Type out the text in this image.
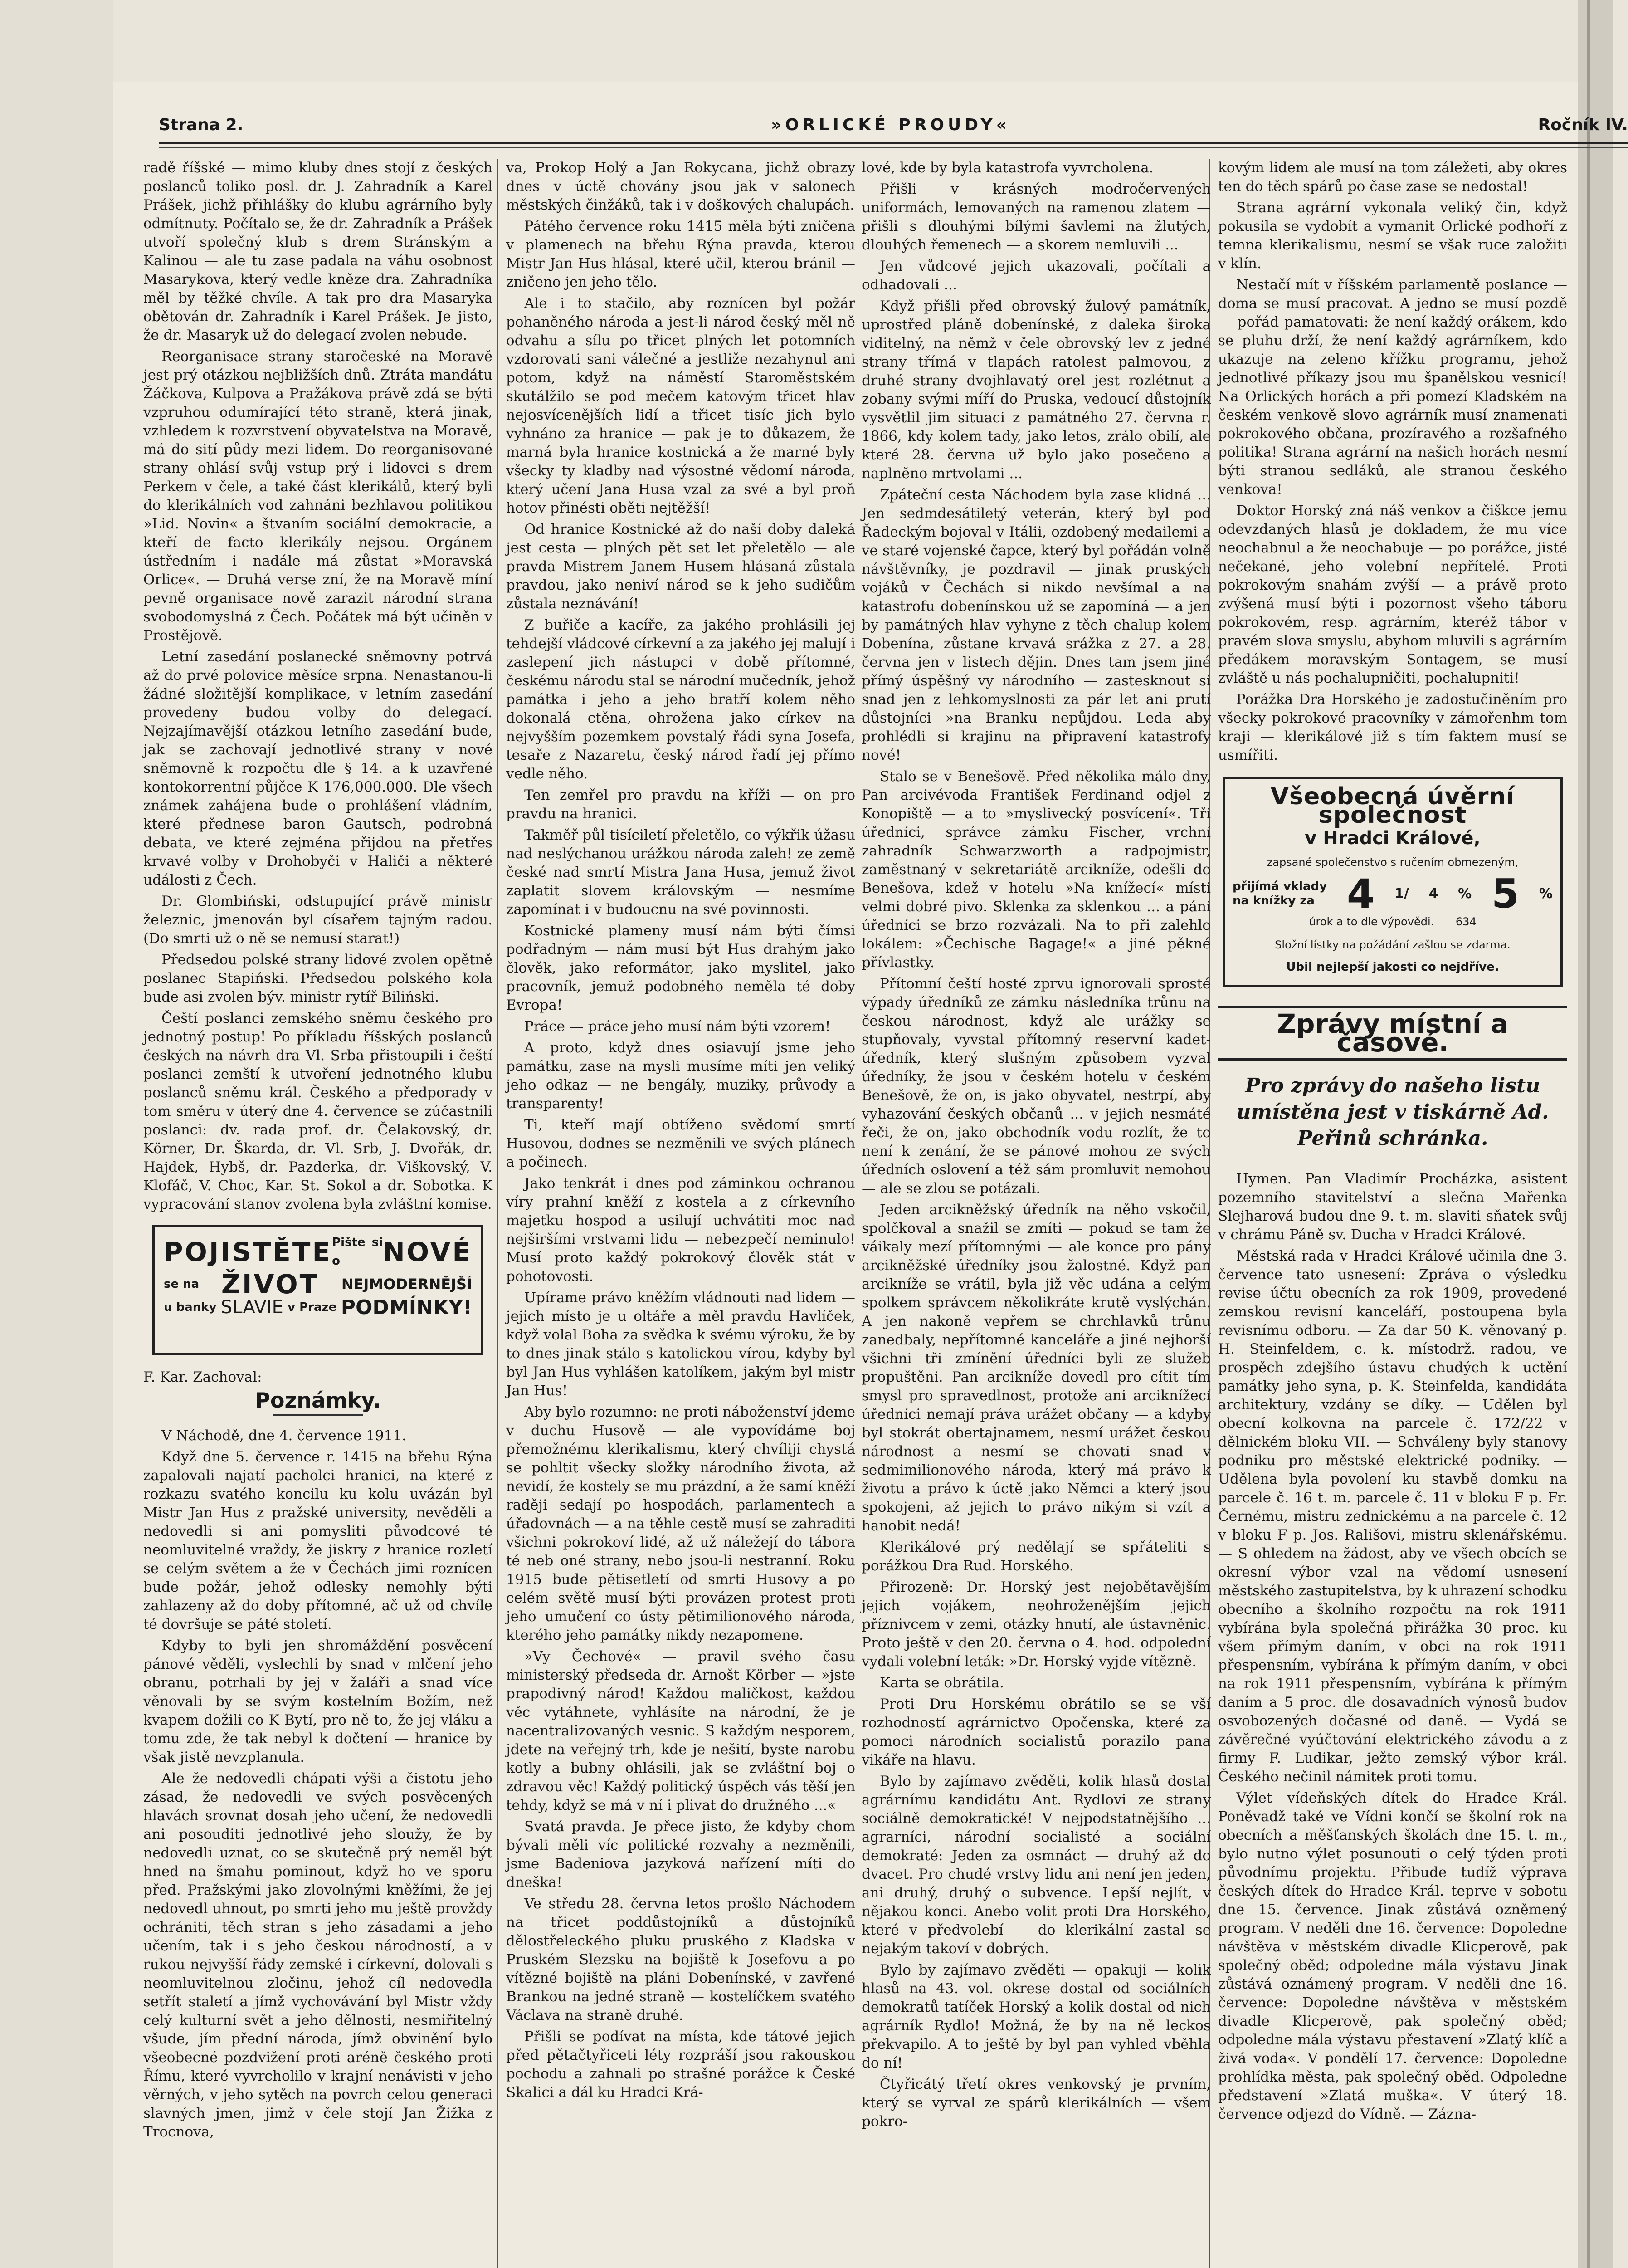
Strana 2.	»ORLICKÉ PROUDY«	Ročník IV.

radě říšské — mimo kluby dnes stojí z českých poslanců toliko posl. dr. J. Zahradník a Karel Prášek, jichž přihlášky do klubu agrárního byly odmítnuty. Počítalo se, že dr. Zahradník a Prášek utvoří společný klub s drem Stránským a Kalinou — ale tu zase padala na váhu osobnost Masarykova, který vedle kněze dra. Zahradníka měl by těžké chvíle. A tak pro dra Masaryka obětován dr. Zahradník i Karel Prášek. Je jisto, že dr. Masaryk už do delegací zvolen nebude.

Reorganisace strany staročeské na Moravě jest prý otázkou nejbližších dnů. Ztráta mandátu Žáčkova, Kulpova a Pražákova právě zdá se býti vzpruhou odumírající této straně, která jinak, vzhledem k rozvrstvení obyvatelstva na Moravě, má do sití půdy mezi lidem. Do reorganisované strany ohlásí svůj vstup prý i lidovci s drem Perkem v čele, a také část klerikálů, který byli do klerikálních vod zahnáni bezhlavou politikou »Lid. Novin« a štvaním sociální demokracie, a kteří de facto klerikály nejsou. Orgánem ústředním i nadále má zůstat »Moravská Orlice«. — Druhá verse zní, že na Moravě míní pevně organisace nově zarazit národní strana svobodomyslná z Čech. Počátek má být učiněn v Prostějově.

Letní zasedání poslanecké sněmovny potrvá až do prvé polovice měsíce srpna. Nenastanou-li žádné složitější komplikace, v letním zasedání provedeny budou volby do delegací. Nejzajímavější otázkou letního zasedání bude, jak se zachovají jednotlivé strany v nové sněmovně k rozpočtu dle § 14. a k uzavřené kontokorrentní půjčce K 176,000.000. Dle všech známek zahájena bude o prohlášení vládním, které přednese baron Gautsch, podrobná debata, ve které zejména přijdou na přetřes krvavé volby v Drohobyči v Haliči a některé události z Čech.

Dr. Glombiński, odstupující právě ministr železnic, jmenován byl císařem tajným radou. (Do smrti už o ně se nemusí starat!)

Předsedou polské strany lidové zvolen opětně poslanec Stapiński. Předsedou polského kola bude asi zvolen býv. ministr rytíř Biliński.

Čeští poslanci zemského sněmu českého pro jednotný postup! Po příkladu říšských poslanců českých na návrh dra Vl. Srba přistoupili i čeští poslanci zemští k utvoření jednotného klubu poslanců sněmu král. Českého a předporady v tom směru v úterý dne 4. července se zúčastnili poslanci: dv. rada prof. dr. Čelakovský, dr. Körner, Dr. Škarda, dr. Vl. Srb, J. Dvořák, dr. Hajdek, Hybš, dr. Pazderka, dr. Viškovský, V. Klofáč, V. Choc, Kar. St. Sokol a dr. Sobotka. K vypracování stanov zvolena byla zvláštní komise.

POJISTĚTE Pište si o	NOVÉ
se na ŽIVOT NEJMODERNĚJŠÍ
u banky SLAVIE v Praze PODMÍNKY!
F. Kar. Zachoval:
Poznámky.

V Náchodě, dne 4. července 1911.

Když dne 5. července r. 1415 na břehu Rýna zapalovali najatí pacholci hranici, na které z rozkazu svatého koncilu ku kolu uvázán byl Mistr Jan Hus z pražské university, nevěděli a nedovedli si ani pomysliti původcové té neomluvitelné vraždy, že jiskry z hranice rozletí se celým světem a že v Čechách jimi roznícen bude požár, jehož odlesky nemohly býti zahlazeny až do doby přítomné, ač už od chvíle té dovršuje se páté století.

Kdyby to byli jen shromáždění posvěcení pánové věděli, vyslechli by snad v mlčení jeho obranu, potrhali by jej v žaláři a snad více věnovali by se svým kostelním Božím, než kvapem dožili co K Bytí, pro ně to, že jej vláku a tomu zde, že tak nebyl k dočtení — hranice by však jistě nevzplanula.

Ale že nedovedli chápati výši a čistotu jeho zásad, že nedovedli ve svých posvěcených hlavách srovnat dosah jeho učení, že nedovedli ani posouditi jednotlivé jeho sloužy, že by nedovedli uznat, co se skutečně prý neměl být hned na šmahu pominout, když ho ve sporu před. Pražskými jako zlovolnými kněžími, že jej nedovedl uhnout, po smrti jeho mu ještě provždy ochrániti, těch stran s jeho zásadami a jeho učením, tak i s jeho českou národností, a v rukou nejvyšší řády zemské i církevní, dolovali s neomluvitelnou zločinu, jehož cíl nedovedla setřít staletí a jímž vychovávání byl Mistr vždy celý kulturní svět a jeho dělnosti, nesmiřitelný všude, jím přední národa, jímž obvinění bylo všeobecné pozdvižení proti aréně českého proti Římu, které vyvrcholilo v krajní nenávisti v jeho věrných, v jeho sytěch na povrch celou generaci slavných jmen, jimž v čele stojí Jan Žižka z Trocnova,

va, Prokop Holý a Jan Rokycana, jichž obrazy dnes v úctě chovány jsou jak v salonech městských činžáků, tak i v doškových chalupách.

Pátého července roku 1415 měla býti zničena v plamenech na břehu Rýna pravda, kterou Mistr Jan Hus hlásal, které učil, kterou bránil — zničeno jen jeho tělo.

Ale i to stačilo, aby roznícen byl požár pohaněného národa a jest-li národ český měl ně odvahu a sílu po třicet plných let potomních vzdorovati sani válečné a jestliže nezahynul ani potom, když na náměstí Staroměstském skutálžilo se pod mečem katovým třicet hlav nejosvícenějších lidí a třicet tisíc jich bylo vyhnáno za hranice — pak je to důkazem, že marná byla hranice kostnická a že marné byly všecky ty kladby nad výsostné vědomí národa, který učení Jana Husa vzal za své a byl proň hotov přinésti oběti nejtěžší!

Od hranice Kostnické až do naší doby daleká jest cesta — plných pět set let přeletělo — ale pravda Mistrem Janem Husem hlásaná zůstala pravdou, jako neniví národ se k jeho sudičům zůstala neznávání!

Z buřiče a kacíře, za jakého prohlásili jej tehdejší vládcové církevní a za jakého jej malují i zaslepení jich nástupci v době přítomné, českému národu stal se národní mučedník, jehož památka i jeho a jeho bratří kolem něho dokonalá ctěna, ohrožena jako církev na nejvyšším pozemkem povstalý řádi syna Josefa, tesaře z Nazaretu, český národ řadí jej přímo vedle něho.

Ten zemřel pro pravdu na kříži — on pro pravdu na hranici.

Takměř půl tisíciletí přeletělo, co výkřik úžasu nad neslýchanou urážkou národa zaleh! ze země české nad smrtí Mistra Jana Husa, jemuž život zaplatit slovem královským — nesmíme zapomínat i v budoucnu na své povinnosti.

Kostnické plameny musí nám býti čímsi podřadným — nám musí být Hus drahým jako člověk, jako reformátor, jako myslitel, jako pracovník, jemuž podobného neměla té doby Evropa!

Práce — práce jeho musí nám býti vzorem!

A proto, když dnes osiavují jsme jeho památku, zase na mysli musíme míti jen veliký jeho odkaz — ne bengály, muziky, průvody a transparenty!

Ti, kteří mají obtíženo svědomí smrtí Husovou, dodnes se nezměnili ve svých plánech a počinech.

Jako tenkrát i dnes pod záminkou ochranou víry prahní kněží z kostela a z církevního majetku hospod a usilují uchvátiti moc nad nejširšími vrstvami lidu — nebezpečí neminulo! Musí proto každý pokrokový člověk stát v pohotovosti.

Upírame právo kněžím vládnouti nad lidem — jejich místo je u oltáře a měl pravdu Havlíček, když volal Boha za svědka k svému výroku, že by to dnes jinak stálo s katolickou vírou, kdyby byl byl Jan Hus vyhlášen katolíkem, jakým byl mistr Jan Hus!

Aby bylo rozumno: ne proti náboženství jdeme v duchu Husově — ale vypovídáme boj přemožnému klerikalismu, který chvíliji chystá se pohltit všecky složky národního života, až nevidí, že kostely se mu prázdní, a že samí kněží raději sedají po hospodách, parlamentech a úřadovnách — a na těhle cestě musí se zahraditi všichni pokrokoví lidé, až už náležejí do tábora té neb oné strany, nebo jsou-li nestranní. Roku 1915 bude pětisetletí od smrti Husovy a po celém světě musí býti provázen protest proti jeho umučení co ústy pětimilionového národa, kterého jeho památky nikdy nezapomene.

»Vy Čechové« — pravil svého času ministerský předseda dr. Arnošt Körber — »jste prapodivný národ! Každou maličkost, každou věc vytáhnete, vyhlásíte na národní, že je nacentralizovaných vesnic. S každým nesporem, jdete na veřejný trh, kde je nešití, byste narobu kotly a bubny ohlásili, jak se zvláštní boj o zdravou věc! Každý politický úspěch vás těší jen tehdy, když se má v ní i plivat do družného ...«

Svatá pravda. Je přece jisto, že kdyby chom bývali měli víc politické rozvahy a nezměnili, jsme Badeniova jazyková nařízení míti do dneška!

Ve středu 28. června letos prošlo Náchodem na třicet poddůstojníků a důstojníků dělostřeleckého pluku pruského z Kladska v Pruském Slezsku na bojiště k Josefovu a po vítězné bojiště na pláni Dobenínské, v zavřené Brankou na jedné straně — kostelíčkem svatého Václava na straně druhé.

Přišli se podívat na místa, kde tátové jejich před pětačtyřiceti léty rozpráší jsou rakouskou pochodu a zahnali po strašné porážce k České Skalici a dál ku Hradci Krá-

lové, kde by byla katastrofa vyvrcholena.

Přišli v krásných modročervených uniformách, lemovaných na ramenou zlatem — přišli s dlouhými bílými šavlemi na žlutých, dlouhých řemenech — a skorem nemluvili ...

Jen vůdcové jejich ukazovali, počítali a odhadovali ...

Když přišli před obrovský žulový památník, uprostřed pláně dobenínské, z daleka široka viditelný, na němž v čele obrovský lev z jedné strany třímá v tlapách ratolest palmovou, z druhé strany dvojhlavatý orel jest rozlétnut a zobany svými míří do Pruska, vedoucí důstojník vysvětlil jim situaci z památného 27. června r. 1866, kdy kolem tady, jako letos, zrálo obilí, ale které 28. června už bylo jako posečeno a naplněno mrtvolami ...

Zpáteční cesta Náchodem byla zase klidná ... Jen sedmdesátiletý veterán, který byl pod Řadeckým bojoval v Itálii, ozdobený medailemi a ve staré vojenské čapce, který byl pořádán volně návštěvníky, je pozdravil — jinak pruských vojáků v Čechách si nikdo nevšímal a na katastrofu dobenínskou už se zapomíná — a jen by památných hlav vyhyne z těch chalup kolem Dobenína, zůstane krvavá srážka z 27. a 28. června jen v listech dějin. Dnes tam jsem jiné přímý úspěšný vy národního — zastesknout si snad jen z lehkomyslnosti za pár let ani prutí důstojníci »na Branku nepůjdou. Leda aby prohlédli si krajinu na připravení katastrofy nové!

Stalo se v Benešově. Před několika málo dny, Pan arcivévoda František Ferdinand odjel z Konopiště — a to »myslivecký posvícení«. Tři úředníci, správce zámku Fischer, vrchní zahradník Schwarzworth a radpojmistr, zaměstnaný v sekretariátě arcikníže, odešli do Benešova, kdež v hotelu »Na knížecí« místi velmi dobré pivo. Sklenka za sklenkou ... a páni úředníci se brzo rozvázali. Na to při zalehlo lokálem: »Čechische Bagage!« a jiné pěkné přívlastky.

Přítomní čeští hosté zprvu ignorovali sprosté výpady úředníků ze zámku následníka trůnu na českou národnost, když ale urážky se stupňovaly, vyvstal přítomný reservní kadet-úředník, který slušným způsobem vyzval úředníky, že jsou v českém hotelu v českém Benešově, že on, is jako obyvatel, nestrpí, aby vyhazování českých občanů ... v jejich nesmáté řeči, že on, jako obchodník vodu rozlít, že to není k zenání, že se pánové mohou ze svých úředních oslovení a též sám promluvit nemohou — ale se zlou se potázali.

Jeden arcikněžský úředník na něho vskočil, spolčkoval a snažil se zmíti — pokud se tam že váikaly mezí přítomnými — ale konce pro pány arcikněžské úředníky jsou žalostné. Když pan arcikníže se vrátil, byla již věc udána a celým spolkem správcem několikráte krutě vyslýchán. A jen nakoně vepřem se chrchlavků trůnu zanedbaly, nepřítomné kanceláře a jiné nejhorší všichni tři zmínění úředníci byli ze služeb propuštěni. Pan arcikníže dovedl pro cítit tím smysl pro spravedlnost, protože ani arciknížecí úředníci nemají práva urážet občany — a kdyby byl stokrát obertajnamem, nesmí urážet českou národnost a nesmí se chovati snad v sedmimilionového národa, který má právo k životu a právo k úctě jako Němci a který jsou spokojeni, až jejich to právo nikým si vzít a hanobit nedá!

Klerikálové prý nedělají se spřáteliti s porážkou Dra Rud. Horského.

Přirozeně: Dr. Horský jest nejobětavějším jejich vojákem, neohroženějším jejich příznivcem v zemi, otázky hnutí, ale ústavněnic. Proto ještě v den 20. června o 4. hod. odpolední vydali volební leták: »Dr. Horský vyjde vítězně.

Karta se obrátila.

Proti Dru Horskému obrátilo se se vší rozhodností agrárnictvo Opočenska, které za pomoci národních socialistů porazilo pana vikáře na hlavu.

Bylo by zajímavo zvěděti, kolik hlasů dostal agrárnímu kandidátu Ant. Rydlovi ze strany sociálně demokratické! V nejpodstatnějšího ... agrarníci, národní socialisté a sociální demokraté: Jeden za osmnáct — druhý až do dvacet. Pro chudé vrstvy lidu ani není jen jeden, ani druhý, druhý o subvence. Lepší nejlít, v nějakou konci. Anebo volit proti Dra Horského, které v předvolebí — do klerikální zastal se nejakým takoví v dobrých.

Bylo by zajímavo zvěděti — opakuji — kolik hlasů na 43. vol. okrese dostal od sociálních demokratů tatíček Horský a kolik dostal od nich agrárník Rydlo! Možná, že by na ně leckos překvapilo. A to ještě by byl pan vyhled vběhla do ní!

Čtyřicátý třetí okres venkovský je prvním, který se vyrval ze spárů klerikálních — všem pokro-

kovým lidem ale musí na tom záležeti, aby okres ten do těch spárů po čase zase se nedostal!

Strana agrární vykonala veliký čin, když pokusila se vydobít a vymanit Orlické podhoří z temna klerikalismu, nesmí se však ruce založiti v klín.

Nestačí mít v říšském parlamentě poslance — doma se musí pracovat. A jedno se musí pozdě — pořád pamatovati: že není každý orákem, kdo se pluhu drží, že není každý agrárníkem, kdo ukazuje na zeleno křížku programu, jehož jednotlivé příkazy jsou mu španělskou vesnicí! Na Orlických horách a při pomezí Kladském na českém venkově slovo agrárník musí znamenati pokrokového občana, prozíravého a rozšafného politika! Strana agrární na našich horách nesmí býti stranou sedláků, ale stranou českého venkova!

Doktor Horský zná náš venkov a čiškce jemu odevzdaných hlasů je dokladem, že mu více neochabnul a že neochabuje — po porážce, jisté nečekané, jeho volební nepřítelé. Proti pokrokovým snahám zvýší — a právě proto zvýšená musí býti i pozornost všeho táboru pokrokovém, resp. agrárním, kteréž tábor v pravém slova smyslu, abyhom mluvili s agrárním předákem moravským Sontagem, se musí zvláště u nás pochalupničiti, pochalupniti!

Porážka Dra Horského je zadostučiněním pro všecky pokrokové pracovníky v zámořenhm tom kraji — klerikálové již s tím faktem musí se usmířiti.

Všeobecná úvěrní společnost
v Hradci Králové,
zapsané společenstvo s ručením obmezeným,
přijímá vklady
na knížky za 4 1/ 4 % 5 %
úrok a to dle výpovědi. 634
Složní lístky na požádání zašlou se zdarma.
Ubil nejlepší jakosti co nejdříve.
Zprávy místní a časové.
Pro zprávy do našeho listu umístěna jest v tiskárně Ad. Peřinů schránka.

Hymen. Pan Vladimír Procházka, asistent pozemního stavitelství a slečna Mařenka Slejharová budou dne 9. t. m. slaviti sňatek svůj v chrámu Páně sv. Ducha v Hradci Králové.

Městská rada v Hradci Králové učinila dne 3. července tato usnesení: Zpráva o výsledku revise účtu obecních za rok 1909, provedené zemskou revisní kanceláří, postoupena byla revisnímu odboru. — Za dar 50 K. věnovaný p. H. Steinfeldem, c. k. místodrž. radou, ve prospěch zdejšího ústavu chudých k uctění památky jeho syna, p. K. Steinfelda, kandidáta architektury, vzdány se díky. — Udělen byl obecní kolkovna na parcele č. 172/22 v dělnickém bloku VII. — Schváleny byly stanovy podniku pro městské elektrické podniky. — Udělena byla povolení ku stavbě domku na parcele č. 16 t. m. parcele č. 11 v bloku F p. Fr. Černému, mistru zednickému a na parcele č. 12 v bloku F p. Jos. Rališovi, mistru sklenářskému. — S ohledem na žádost, aby ve všech obcích se okresní výbor vzal na vědomí usnesení městského zastupitelstva, by k uhrazení schodku obecního a školního rozpočtu na rok 1911 vybírána byla společná přirážka 30 proc. ku všem přímým daním, v obci na rok 1911 přespensním, vybírána k přímým daním, v obci na rok 1911 přespensním, vybírána k přímým daním a 5 proc. dle dosavadních výnosů budov osvobozených dočasné od daně. — Vydá se závěrečné vyúčtování elektrického závodu a z firmy F. Ludikar, ježto zemský výbor král. Českého nečinil námitek proti tomu.

Výlet vídeňských dítek do Hradce Král. Poněvadž také ve Vídni končí se školní rok na obecních a měšťanských školách dne 15. t. m., bylo nutno výlet posunouti o celý týden proti původnímu projektu. Přibude tudíž výprava českých dítek do Hradce Král. teprve v sobotu dne 15. července. Jinak zůstává ozněmený program. V neděli dne 16. července: Dopoledne návštěva v městském divadle Klicperově, pak společný oběd; odpoledne mála výstavu Jinak zůstává oznámený program. V neděli dne 16. července: Dopoledne návštěva v městském divadle Klicperově, pak společný oběd; odpoledne mála výstavu přestavení »Zlatý klíč a živá voda«. V pondělí 17. července: Dopoledne prohlídka města, pak společný oběd. Odpoledne představení »Zlatá muška«. V úterý 18. července odjezd do Vídně. — Zázna-
